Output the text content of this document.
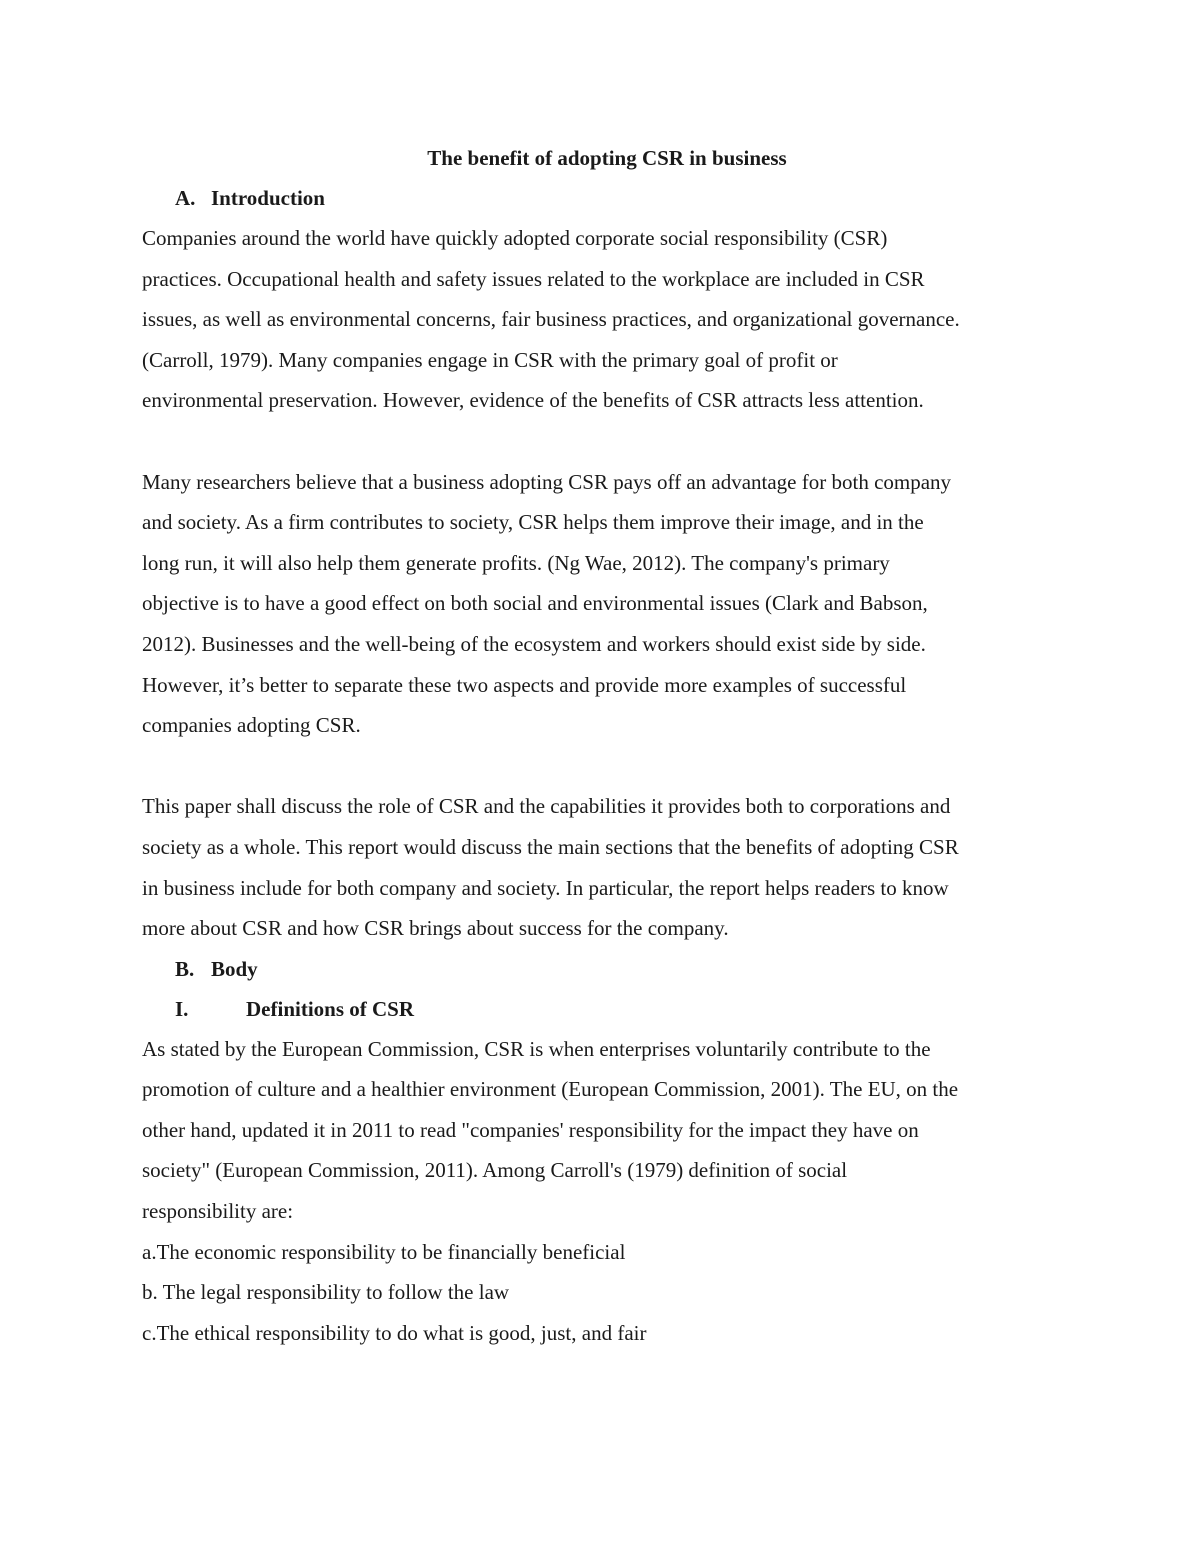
The benefit of adopting CSR in business
A. Introduction

Companies around the world have quickly adopted corporate social responsibility (CSR)
practices. Occupational health and safety issues related to the workplace are included in CSR
issues, as well as environmental concerns, fair business practices, and organizational governance.
(Carroll, 1979). Many companies engage in CSR with the primary goal of profit or
environmental preservation. However, evidence of the benefits of CSR attracts less attention.

Many researchers believe that a business adopting CSR pays off an advantage for both company
and society. As a firm contributes to society, CSR helps them improve their image, and in the
long run, it will also help them generate profits. (Ng Wae, 2012). The company's primary
objective is to have a good effect on both social and environmental issues (Clark and Babson,
2012). Businesses and the well-being of the ecosystem and workers should exist side by side.
However, it’s better to separate these two aspects and provide more examples of successful
companies adopting CSR.

This paper shall discuss the role of CSR and the capabilities it provides both to corporations and
society as a whole. This report would discuss the main sections that the benefits of adopting CSR
in business include for both company and society. In particular, the report helps readers to know
more about CSR and how CSR brings about success for the company.

B. Body
I.	Definitions of CSR

As stated by the European Commission, CSR is when enterprises voluntarily contribute to the
promotion of culture and a healthier environment (European Commission, 2001). The EU, on the
other hand, updated it in 2011 to read "companies' responsibility for the impact they have on
society" (European Commission, 2011). Among Carroll's (1979) definition of social
responsibility are:

a.The economic responsibility to be financially beneficial
b. The legal responsibility to follow the law
c.The ethical responsibility to do what is good, just, and fair
